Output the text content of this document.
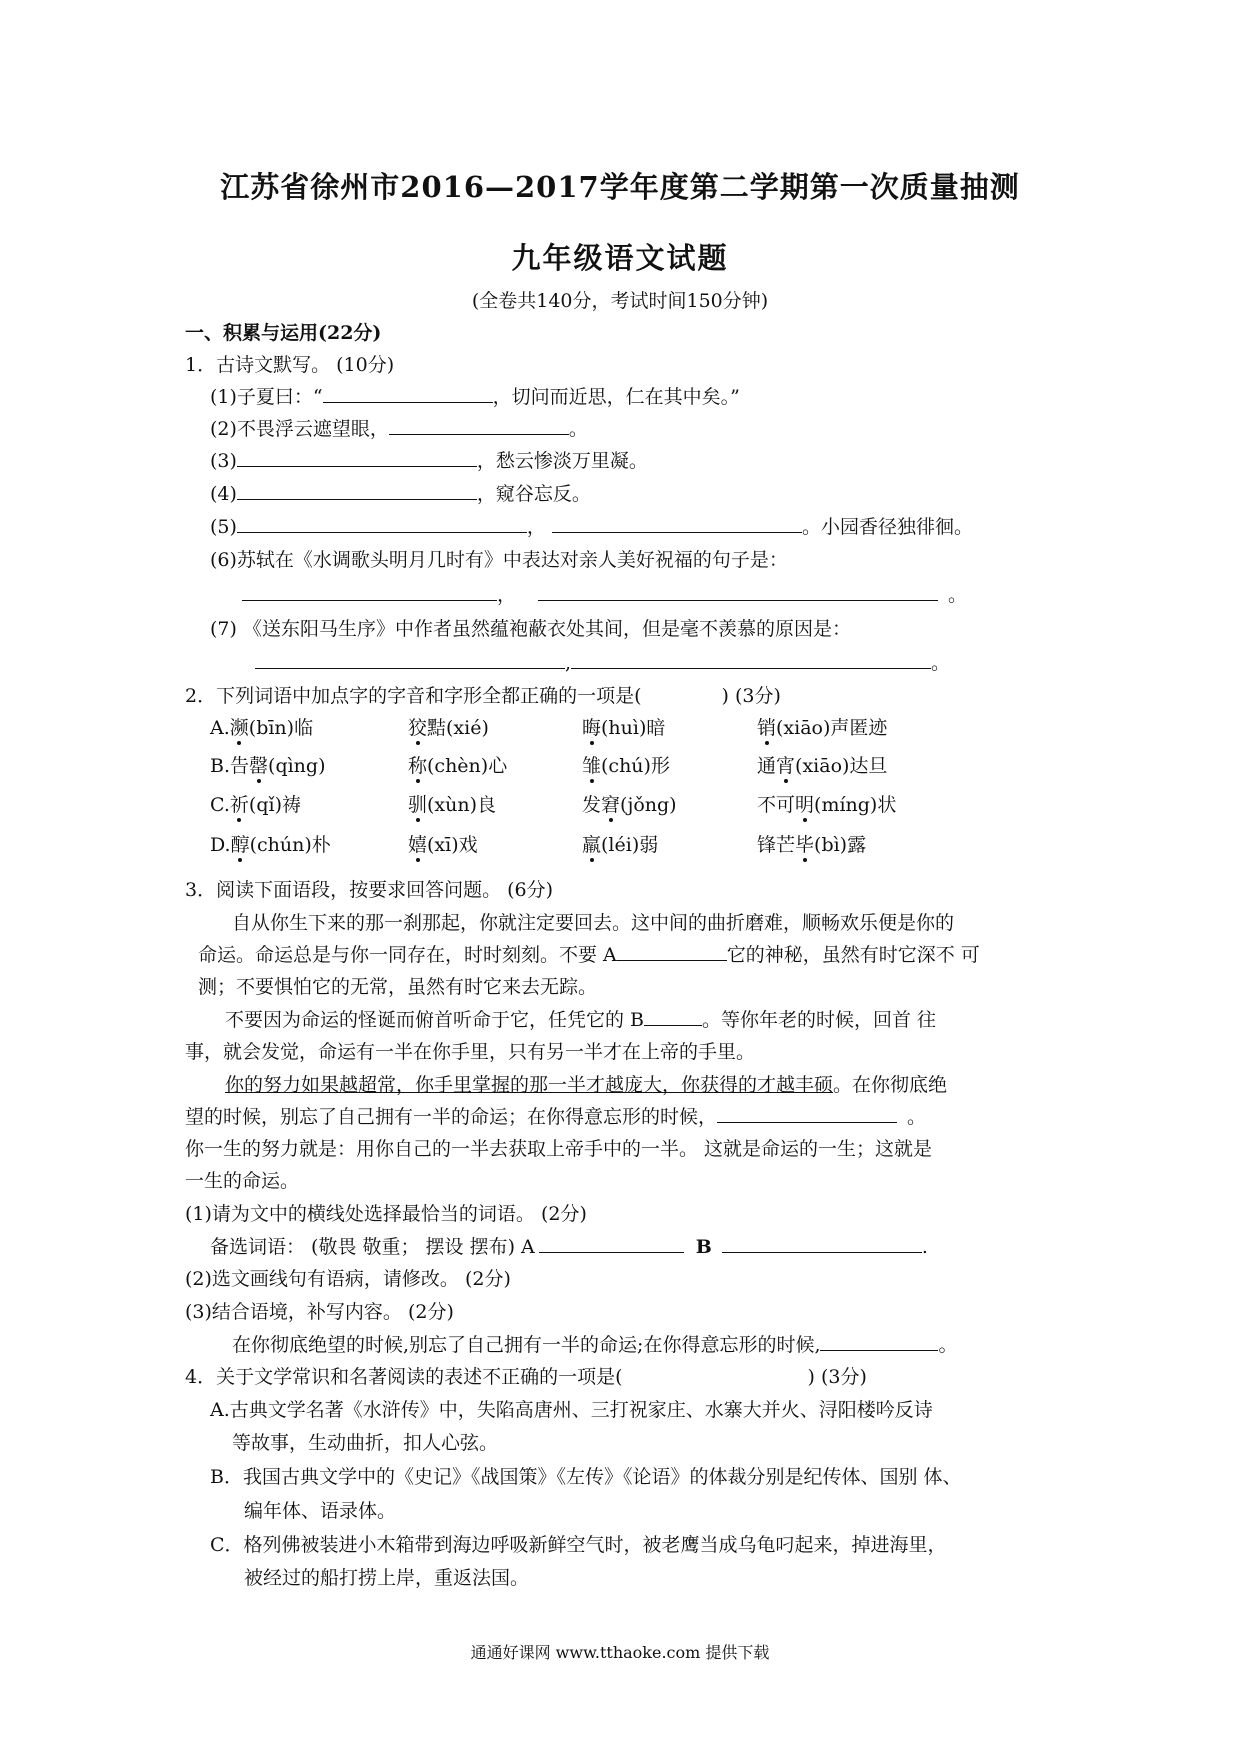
江苏省徐州市2016—2017学年度第二学期第一次质量抽测
九年级语文试题
(全卷共140分，考试时间150分钟)
一、积累与运用(22分)
1．古诗文默写。 (10分)
(1)子夏曰：“	，切问而近思，仁在其中矣。”
(2)不畏浮云遮望眼，	。
(3)	，愁云惨淡万里凝。
(4)	，窥谷忘反。
(5)	，	。小园香径独徘徊。
(6)苏轼在《水调歌头明月几时有》中表达对亲人美好祝福的句子是：
，	。
(7) 《送东阳马生序》中作者虽然蕴袍蔽衣处其间，但是毫不羡慕的原因是：
,	。
2．下列词语中加点字的字音和字形全都正确的一项是(	) (3分)
A.濒(bīn)临	狡黠(xié)	晦(huì)暗	销(xiāo)声匿迹
B.告罄(qìng)	称(chèn)心	雏(chú)形	通宵(xiāo)达旦
C.祈(qǐ)祷	驯(xùn)良	发窘(jǒng)	不可明(míng)状
D.醇(chún)朴	嬉(xī)戏	羸(léi)弱	锋芒毕(bì)露
3．阅读下面语段，按要求回答问题。 (6分)
自从你生下来的那一刹那起，你就注定要回去。这中间的曲折磨难，顺畅欢乐便是你的
命运。命运总是与你一同存在，时时刻刻。不要 A	它的神秘，虽然有时它深不 可
测；不要惧怕它的无常，虽然有时它来去无踪。
不要因为命运的怪诞而俯首听命于它，任凭它的 B	。等你年老的时候，回首 往
事，就会发觉，命运有一半在你手里，只有另一半才在上帝的手里。
你的努力如果越超常，你手里掌握的那一半才越庞大，你获得的才越丰硕。在你彻底绝
望的时候，别忘了自己拥有一半的命运；在你得意忘形的时候，	。
你一生的努力就是：用你自己的一半去获取上帝手中的一半。 这就是命运的一生；这就是
一生的命运。
(1)请为文中的横线处选择最恰当的词语。 (2分)
备选词语： (敬畏 敬重； 摆设 摆布) A	B	.
(2)选文画线句有语病，请修改。 (2分)
(3)结合语境，补写内容。 (2分)
在你彻底绝望的时候,别忘了自己拥有一半的命运;在你得意忘形的时候,	。
4．关于文学常识和名著阅读的表述不正确的一项是(	) (3分)
A.古典文学名著《水浒传》中，失陷高唐州、三打祝家庄、水寨大并火、浔阳楼吟反诗
等故事，生动曲折，扣人心弦。
B．我国古典文学中的《史记》《战国策》《左传》《论语》的体裁分别是纪传体、国别 体、
编年体、语录体。
C．格列佛被装进小木箱带到海边呼吸新鲜空气时，被老鹰当成乌龟叼起来，掉进海里，
被经过的船打捞上岸，重返法国。
通通好课网 www.tthaoke.com 提供下载
